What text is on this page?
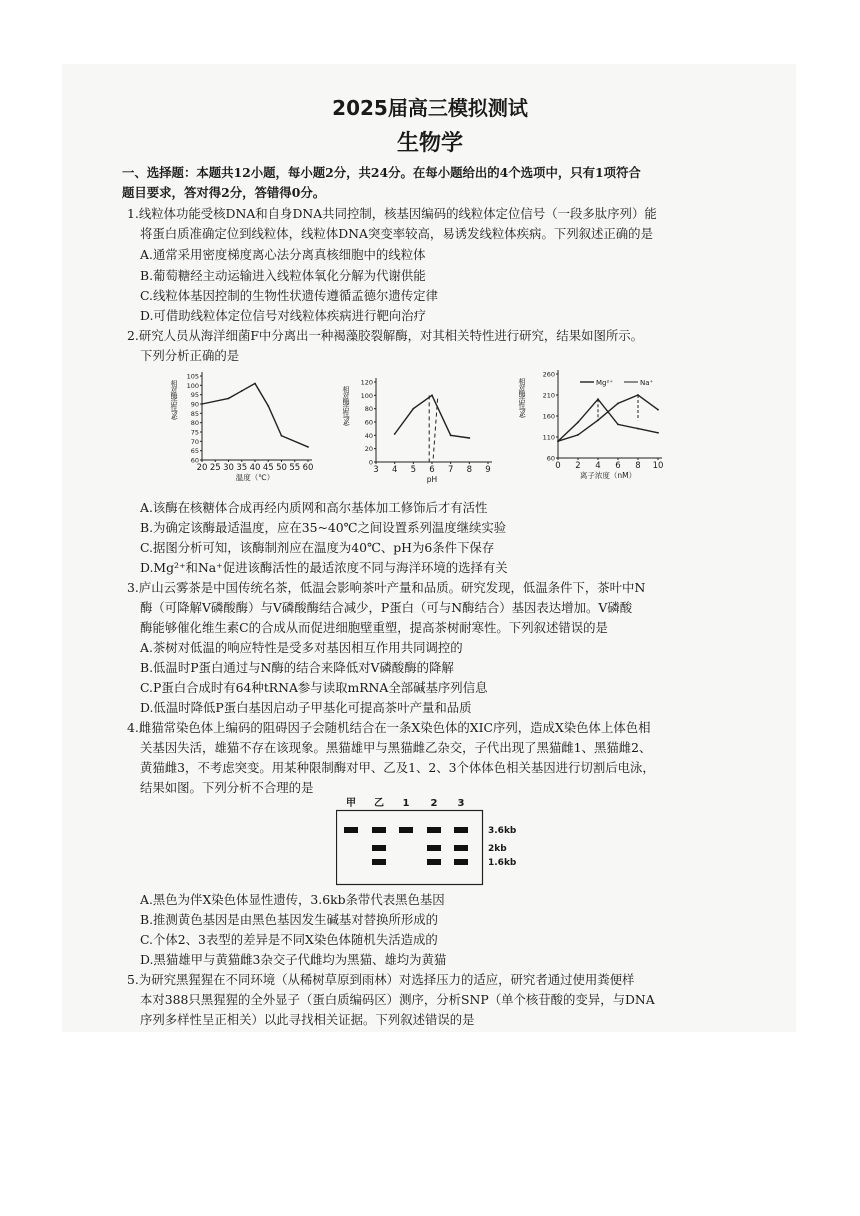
2025届高三模拟测试
生物学
一、选择题：本题共12小题，每小题2分，共24分。在每小题给出的4个选项中，只有1项符合
题目要求，答对得2分，答错得0分。
1.线粒体功能受核DNA和自身DNA共同控制，核基因编码的线粒体定位信号（一段多肽序列）能
将蛋白质准确定位到线粒体，线粒体DNA突变率较高，易诱发线粒体疾病。下列叙述正确的是
A.通常采用密度梯度离心法分离真核细胞中的线粒体
B.葡萄糖经主动运输进入线粒体氧化分解为代谢供能
C.线粒体基因控制的生物性状遗传遵循孟德尔遗传定律
D.可借助线粒体定位信号对线粒体疾病进行靶向治疗
2.研究人员从海洋细菌F中分离出一种褐藻胶裂解酶，对其相关特性进行研究，结果如图所示。
下列分析正确的是
105
100
95
90
85
80
75
70
65
60
20 25 30 35 40 45 50 55 60
温度（℃）
相对酶活性(%)	120
100
80
60
40
20
0
3 4 5 6 7 8 9
pH
相对酶活性(%)
260
210
160
110
60
0 2 4 6 8 10
离子浓度（nM）
相对酶活性(%)	Mg²⁺	Na⁺
A.该酶在核糖体合成再经内质网和高尔基体加工修饰后才有活性
B.为确定该酶最适温度，应在35~40℃之间设置系列温度继续实验
C.据图分析可知，该酶制剂应在温度为40℃、pH为6条件下保存
D.Mg²⁺和Na⁺促进该酶活性的最适浓度不同与海洋环境的选择有关
3.庐山云雾茶是中国传统名茶，低温会影响茶叶产量和品质。研究发现，低温条件下，茶叶中N
酶（可降解V磷酸酶）与V磷酸酶结合减少，P蛋白（可与N酶结合）基因表达增加。V磷酸
酶能够催化维生素C的合成从而促进细胞壁重塑，提高茶树耐寒性。下列叙述错误的是
A.茶树对低温的响应特性是受多对基因相互作用共同调控的
B.低温时P蛋白通过与N酶的结合来降低对V磷酸酶的降解
C.P蛋白合成时有64种tRNA参与读取mRNA全部碱基序列信息
D.低温时降低P蛋白基因启动子甲基化可提高茶叶产量和品质
4.雌猫常染色体上编码的阻碍因子会随机结合在一条X染色体的XIC序列，造成X染色体上体色相
关基因失活，雄猫不存在该现象。黑猫雄甲与黑猫雌乙杂交，子代出现了黑猫雌1、黑猫雌2、
黄猫雌3，不考虑突变。用某种限制酶对甲、乙及1、2、3个体体色相关基因进行切割后电泳，
结果如图。下列分析不合理的是
甲 乙 1 2 3
3.6kb
2kb
1.6kb
A.黑色为伴X染色体显性遗传，3.6kb条带代表黑色基因
B.推测黄色基因是由黑色基因发生碱基对替换所形成的
C.个体2、3表型的差异是不同X染色体随机失活造成的
D.黑猫雄甲与黄猫雌3杂交子代雌均为黑猫、雄均为黄猫
5.为研究黑猩猩在不同环境（从稀树草原到雨林）对选择压力的适应，研究者通过使用粪便样
本对388只黑猩猩的全外显子（蛋白质编码区）测序，分析SNP（单个核苷酸的变异，与DNA
序列多样性呈正相关）以此寻找相关证据。下列叙述错误的是
